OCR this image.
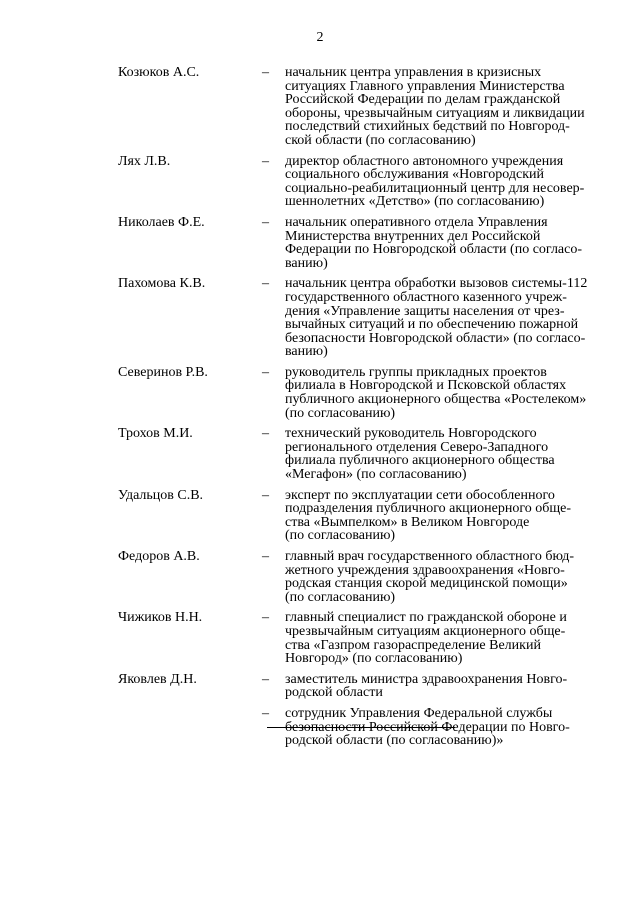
2
Козюков А.С.	– начальник центра управления в кризисных
ситуациях Главного управления Министерства
Российской Федерации по делам гражданской
обороны, чрезвычайным ситуациям и ликвидации
последствий стихийных бедствий по Новгород-
ской области (по согласованию)
Лях Л.В.	– директор областного автономного учреждения
социального обслуживания «Новгородский
социально-реабилитационный центр для несовер-
шеннолетних «Детство» (по согласованию)
Николаев Ф.Е.	– начальник оперативного отдела Управления
Министерства внутренних дел Российской
Федерации по Новгородской области (по согласо-
ванию)
Пахомова К.В.	– начальник центра обработки вызовов системы-112
государственного областного казенного учреж-
дения «Управление защиты населения от чрез-
вычайных ситуаций и по обеспечению пожарной
безопасности Новгородской области» (по согласо-
ванию)
Северинов Р.В.	– руководитель группы прикладных проектов
филиала в Новгородской и Псковской областях
публичного акционерного общества «Ростелеком»
(по согласованию)
Трохов М.И.	– технический руководитель Новгородского
регионального отделения Северо-Западного
филиала публичного акционерного общества
«Мегафон» (по согласованию)
Удальцов С.В.	– эксперт по эксплуатации сети обособленного
подразделения публичного акционерного обще-
ства «Вымпелком» в Великом Новгороде
(по согласованию)
Федоров А.В.	– главный врач государственного областного бюд-
жетного учреждения здравоохранения «Новго-
родская станция скорой медицинской помощи»
(по согласованию)
Чижиков Н.Н.	– главный специалист по гражданской обороне и
чрезвычайным ситуациям акционерного обще-
ства «Газпром газораспределение Великий
Новгород» (по согласованию)
Яковлев Д.Н.	– заместитель министра здравоохранения Новго-
родской области
– сотрудник Управления Федеральной службы
безопасности Российской Федерации по Новго-
родской области (по согласованию)»
